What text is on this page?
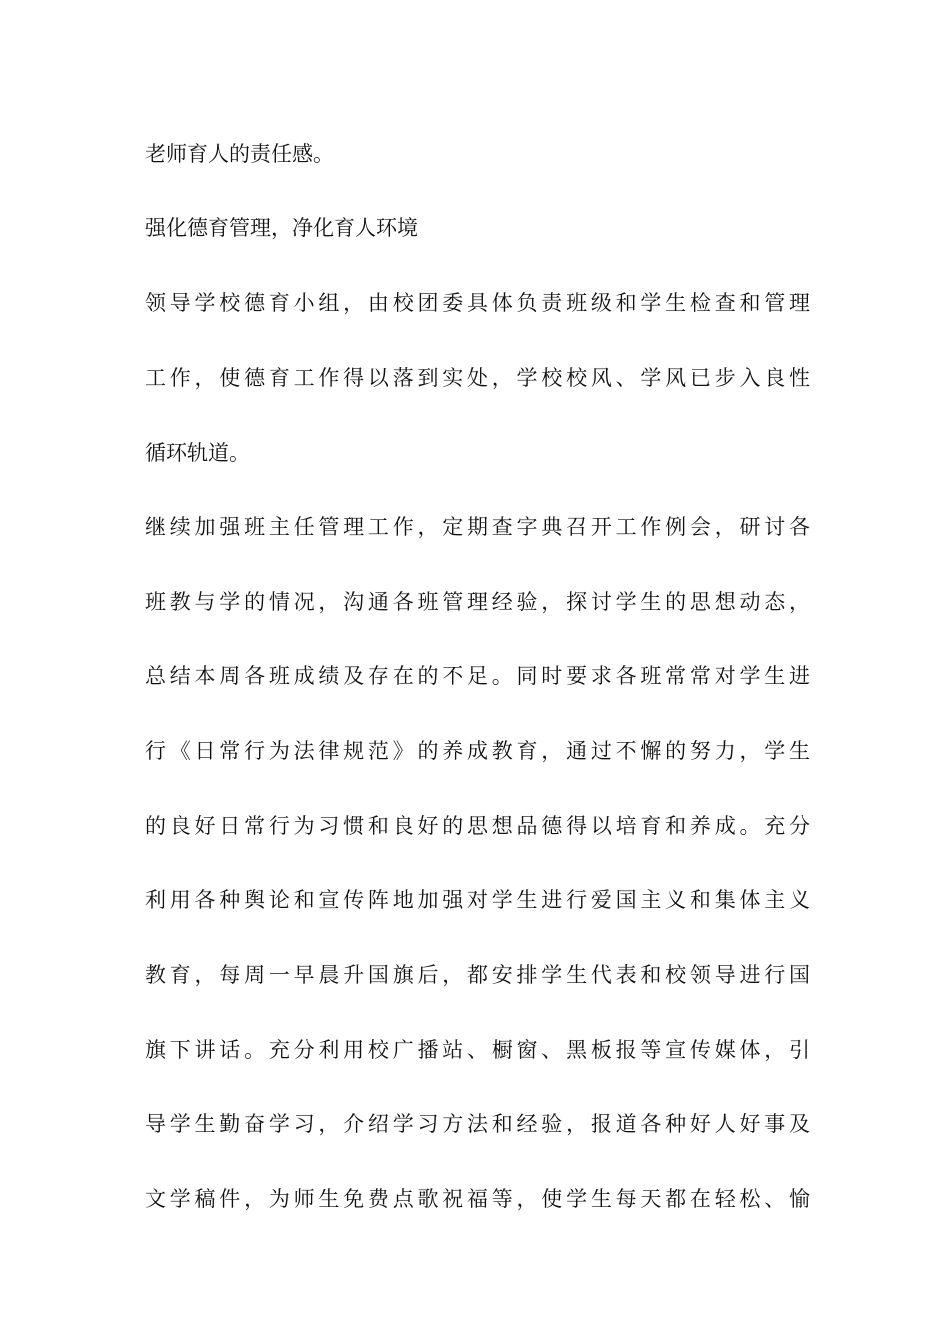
老师育人的责任感。
强化德育管理，净化育人环境
领导学校德育小组，由校团委具体负责班级和学生检查和管理
工作，使德育工作得以落到实处，学校校风、学风已步入良性
循环轨道。
继续加强班主任管理工作，定期查字典召开工作例会，研讨各
班教与学的情况，沟通各班管理经验，探讨学生的思想动态，
总结本周各班成绩及存在的不足。同时要求各班常常对学生进
行《日常行为法律规范》的养成教育，通过不懈的努力，学生
的良好日常行为习惯和良好的思想品德得以培育和养成。充分
利用各种舆论和宣传阵地加强对学生进行爱国主义和集体主义
教育，每周一早晨升国旗后，都安排学生代表和校领导进行国
旗下讲话。充分利用校广播站、橱窗、黑板报等宣传媒体，引
导学生勤奋学习，介绍学习方法和经验，报道各种好人好事及
文学稿件，为师生免费点歌祝福等，使学生每天都在轻松、愉
